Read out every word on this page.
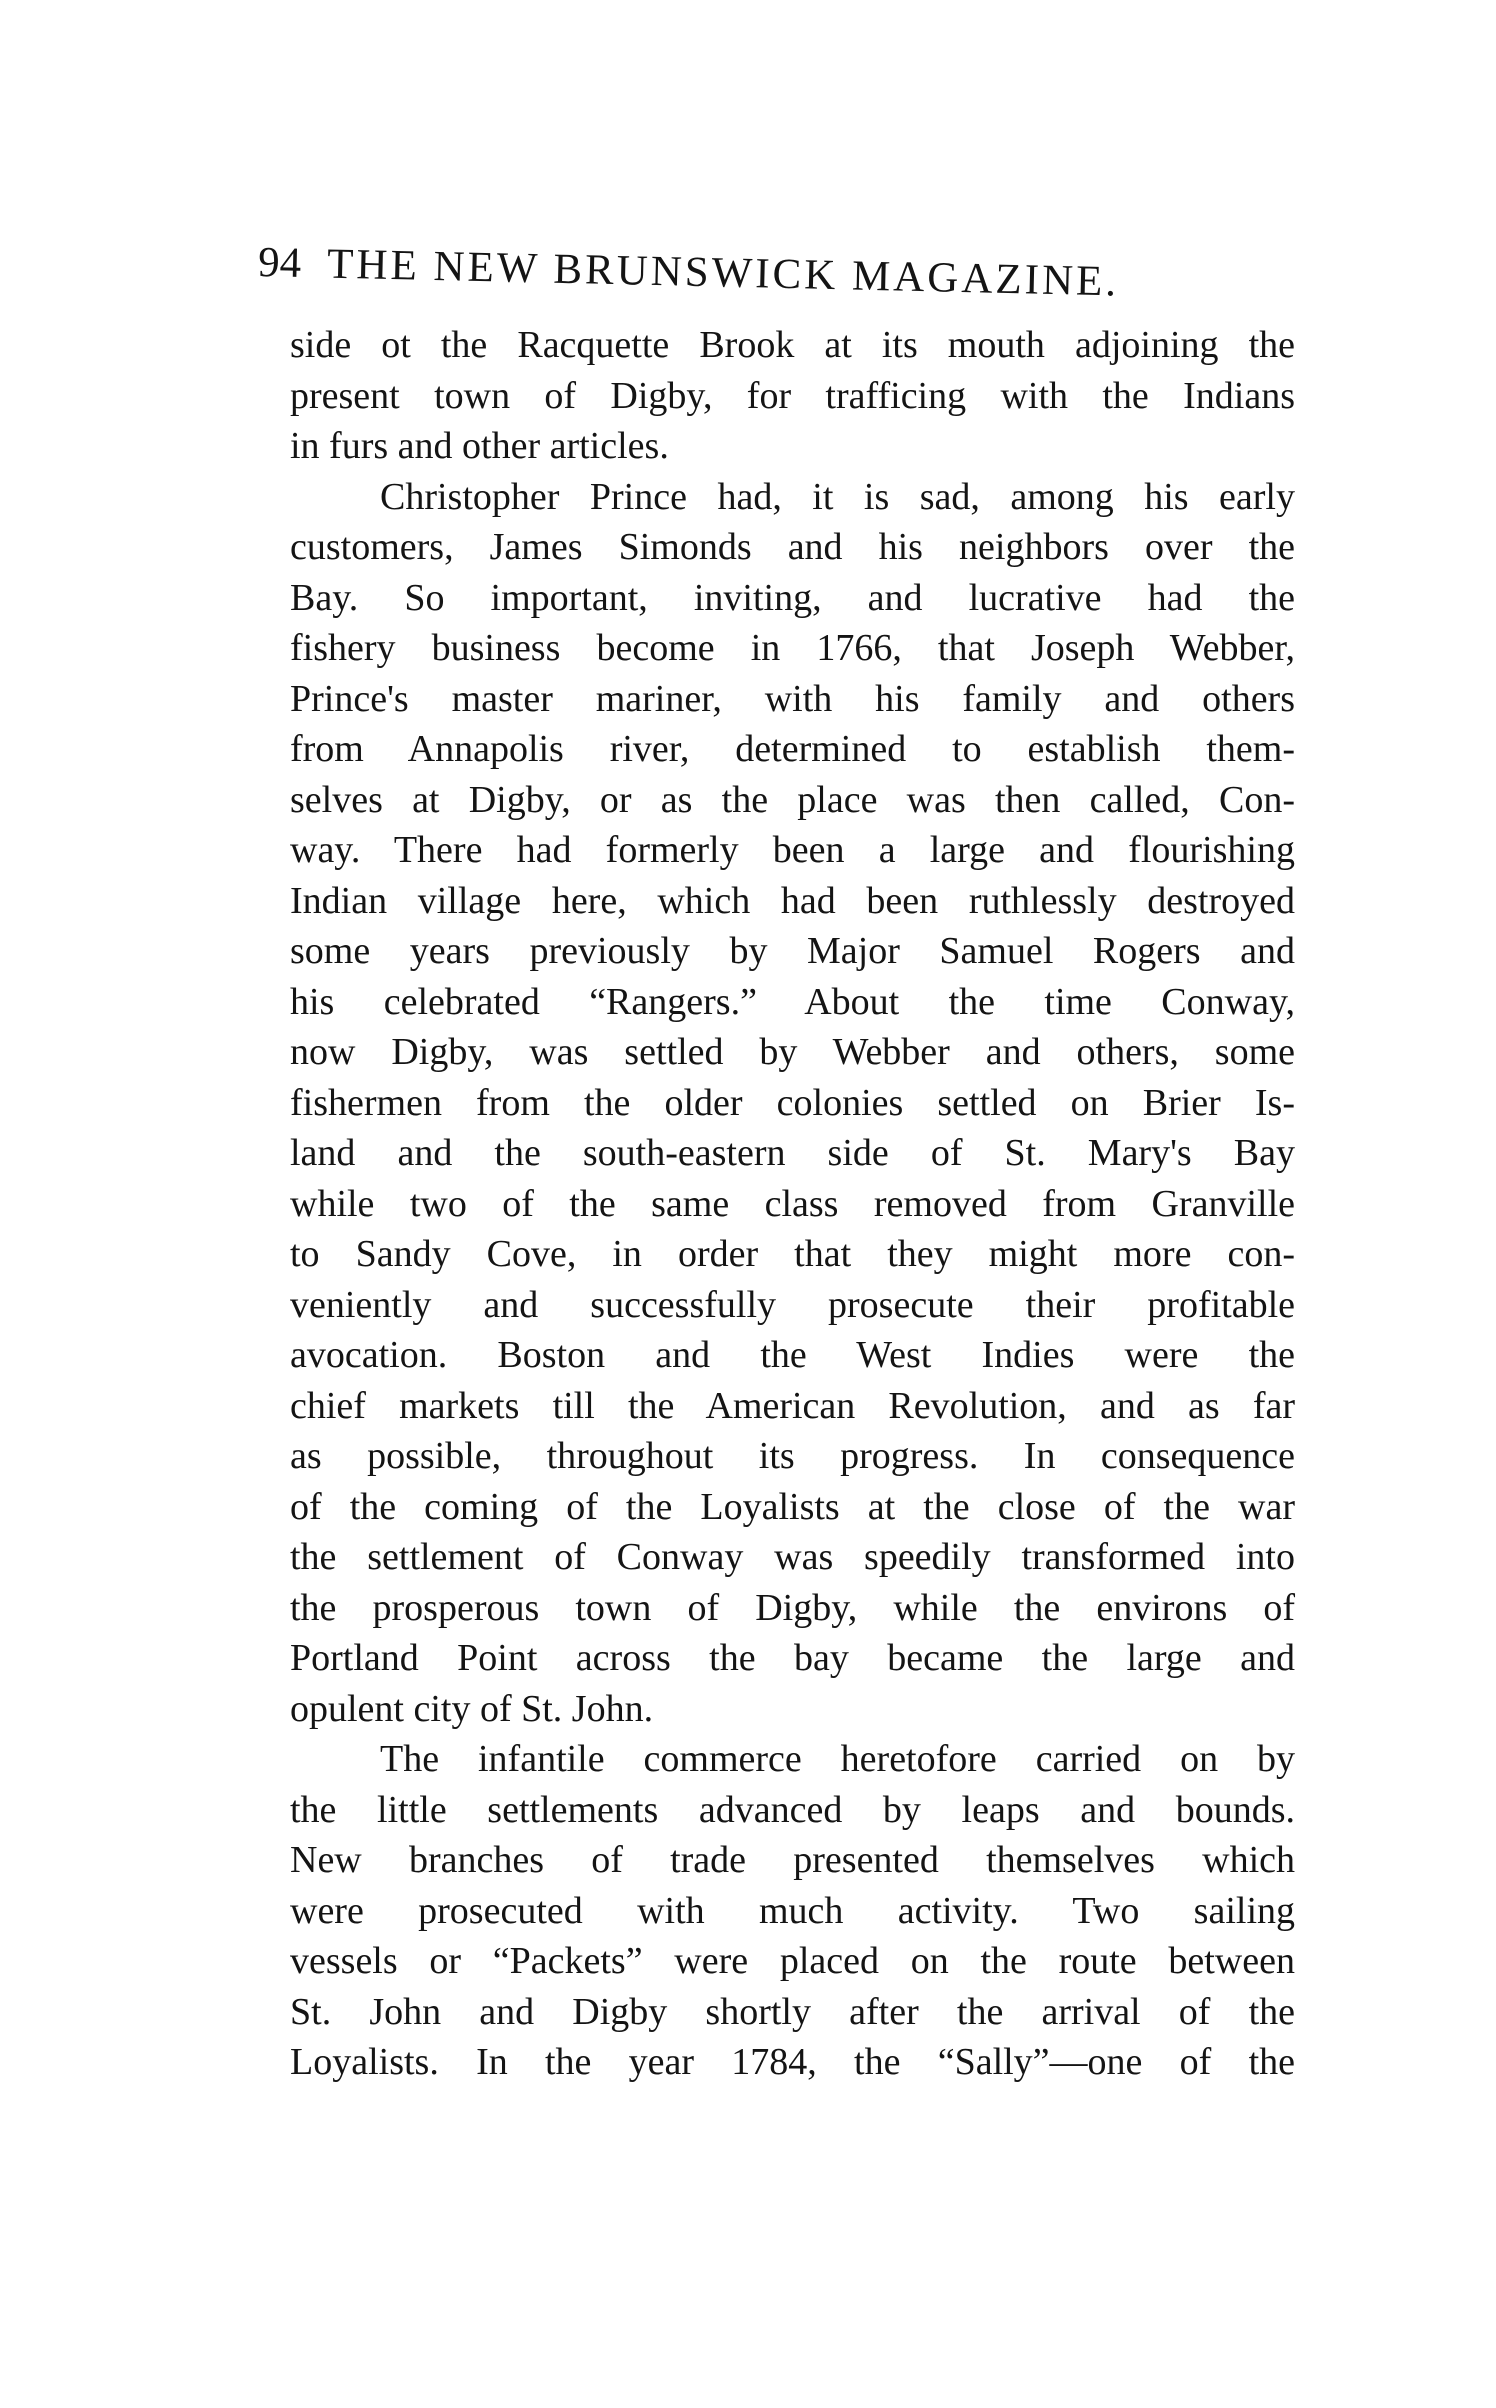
94 THE NEW BRUNSWICK MAGAZINE.
side ot the Racquette Brook at its mouth adjoining the
present town of Digby, for trafficing with the Indians
in furs and other articles.
Christopher Prince had, it is sad, among his early
customers, James Simonds and his neighbors over the
Bay. So important, inviting, and lucrative had the
fishery business become in 1766, that Joseph Webber,
Prince's master mariner, with his family and others
from Annapolis river, determined to establish them-
selves at Digby, or as the place was then called, Con-
way. There had formerly been a large and flourishing
Indian village here, which had been ruthlessly destroyed
some years previously by Major Samuel Rogers and
his celebrated “Rangers.” About the time Conway,
now Digby, was settled by Webber and others, some
fishermen from the older colonies settled on Brier Is-
land and the south-eastern side of St. Mary's Bay
while two of the same class removed from Granville
to Sandy Cove, in order that they might more con-
veniently and successfully prosecute their profitable
avocation. Boston and the West Indies were the
chief markets till the American Revolution, and as far
as possible, throughout its progress. In consequence
of the coming of the Loyalists at the close of the war
the settlement of Conway was speedily transformed into
the prosperous town of Digby, while the environs of
Portland Point across the bay became the large and
opulent city of St. John.
The infantile commerce heretofore carried on by
the little settlements advanced by leaps and bounds.
New branches of trade presented themselves which
were prosecuted with much activity. Two sailing
vessels or “Packets” were placed on the route between
St. John and Digby shortly after the arrival of the
Loyalists. In the year 1784, the “Sally”—one of the
